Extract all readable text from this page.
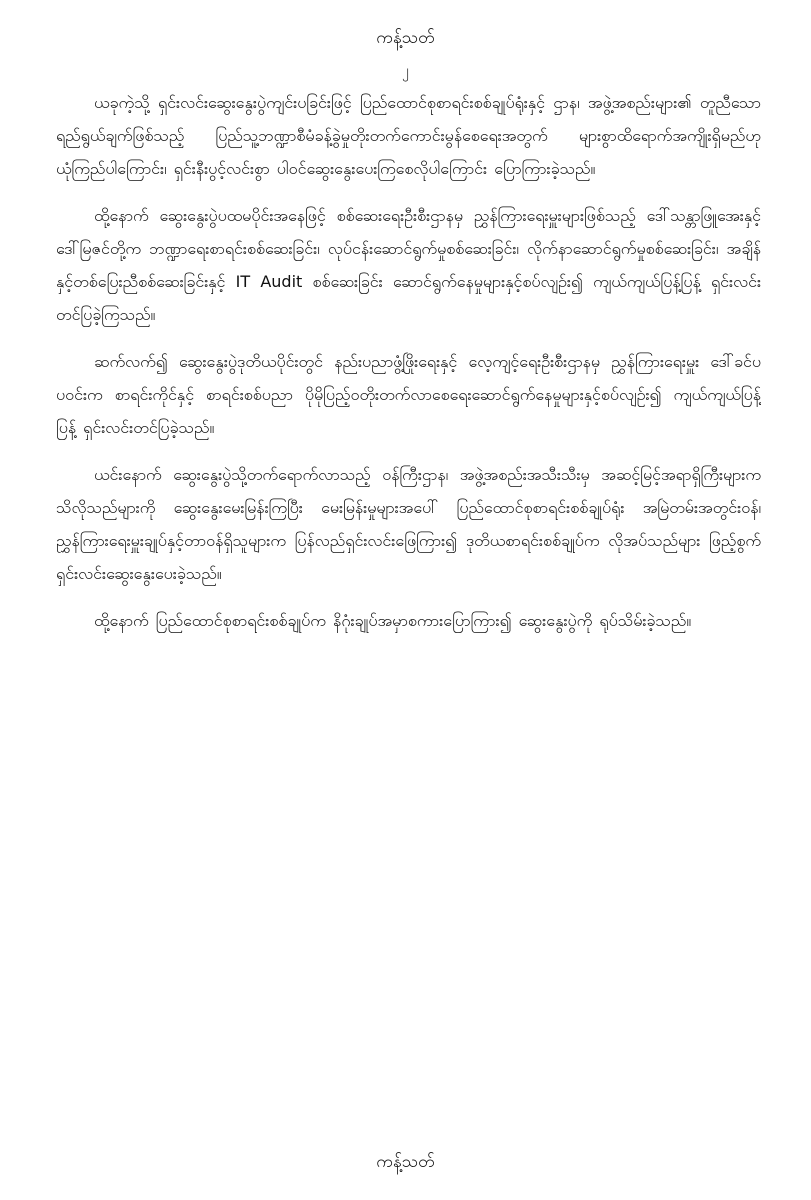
ကန့်သတ်
၂

ယခုကဲ့သို့ ရှင်းလင်းဆွေးနွေးပွဲကျင်းပခြင်းဖြင့် ပြည်ထောင်စုစာရင်းစစ်ချုပ်ရုံးနှင့် ဌာန၊ အဖွဲ့အစည်းများ၏ တူညီသောရည်ရွယ်ချက်ဖြစ်သည့် ပြည်သူ့ဘဏ္ဍာစီမံခန့်ခွဲမှုတိုးတက်ကောင်းမွန်စေရေးအတွက် များစွာထိရောက်အကျိုးရှိမည်ဟု ယုံကြည်ပါကြောင်း၊ ရှင်းနီးပွင့်လင်းစွာ ပါဝင်ဆွေးနွေးပေးကြစေလိုပါကြောင်း ပြောကြားခဲ့သည်။

ထို့နောက် ဆွေးနွေးပွဲပထမပိုင်းအနေဖြင့် စစ်ဆေးရေးဦးစီးဌာနမှ ညွှန်ကြားရေးမှူးများဖြစ်သည့် ဒေါ်သန္တာဖြူအေးနှင့် ဒေါ်မြဇင်တို့က ဘဏ္ဍာရေးစာရင်းစစ်ဆေးခြင်း၊ လုပ်ငန်းဆောင်ရွက်မှုစစ်ဆေးခြင်း၊ လိုက်နာဆောင်ရွက်မှုစစ်ဆေးခြင်း၊ အချိန်နှင့်တစ်ပြေးညီစစ်ဆေးခြင်းနှင့် IT Audit စစ်ဆေးခြင်း ဆောင်ရွက်နေမှုများနှင့်စပ်လျဉ်း၍ ကျယ်ကျယ်ပြန့်ပြန့် ရှင်းလင်းတင်ပြခဲ့ကြသည်။

ဆက်လက်၍ ဆွေးနွေးပွဲဒုတိယပိုင်းတွင် နည်းပညာဖွံ့ဖြိုးရေးနှင့် လေ့ကျင့်ရေးဦးစီးဌာနမှ ညွှန်ကြားရေးမှူး ဒေါ်ခင်ပပဝင်းက စာရင်းကိုင်နှင့် စာရင်းစစ်ပညာ ပိုမိုပြည့်ဝတိုးတက်လာစေရေးဆောင်ရွက်နေမှုများနှင့်စပ်လျဉ်း၍ ကျယ်ကျယ်ပြန့်ပြန့် ရှင်းလင်းတင်ပြခဲ့သည်။

ယင်းနောက် ဆွေးနွေးပွဲသို့တက်ရောက်လာသည့် ဝန်ကြီးဌာန၊ အဖွဲ့အစည်းအသီးသီးမှ အဆင့်မြင့်အရာရှိကြီးများက သိလိုသည်များကို ဆွေးနွေးမေးမြန်းကြပြီး မေးမြန်းမှုများအပေါ် ပြည်ထောင်စုစာရင်းစစ်ချုပ်ရုံး အမြဲတမ်းအတွင်းဝန်၊ ညွှန်ကြားရေးမှူးချုပ်နှင့်တာဝန်ရှိသူများက ပြန်လည်ရှင်းလင်းဖြေကြား၍ ဒုတိယစာရင်းစစ်ချုပ်က လိုအပ်သည်များ ဖြည့်စွက်ရှင်းလင်းဆွေးနွေးပေးခဲ့သည်။

ထို့နောက် ပြည်ထောင်စုစာရင်းစစ်ချုပ်က နိဂုံးချုပ်အမှာစကားပြောကြား၍ ဆွေးနွေးပွဲကို ရုပ်သိမ်းခဲ့သည်။

ကန့်သတ်
